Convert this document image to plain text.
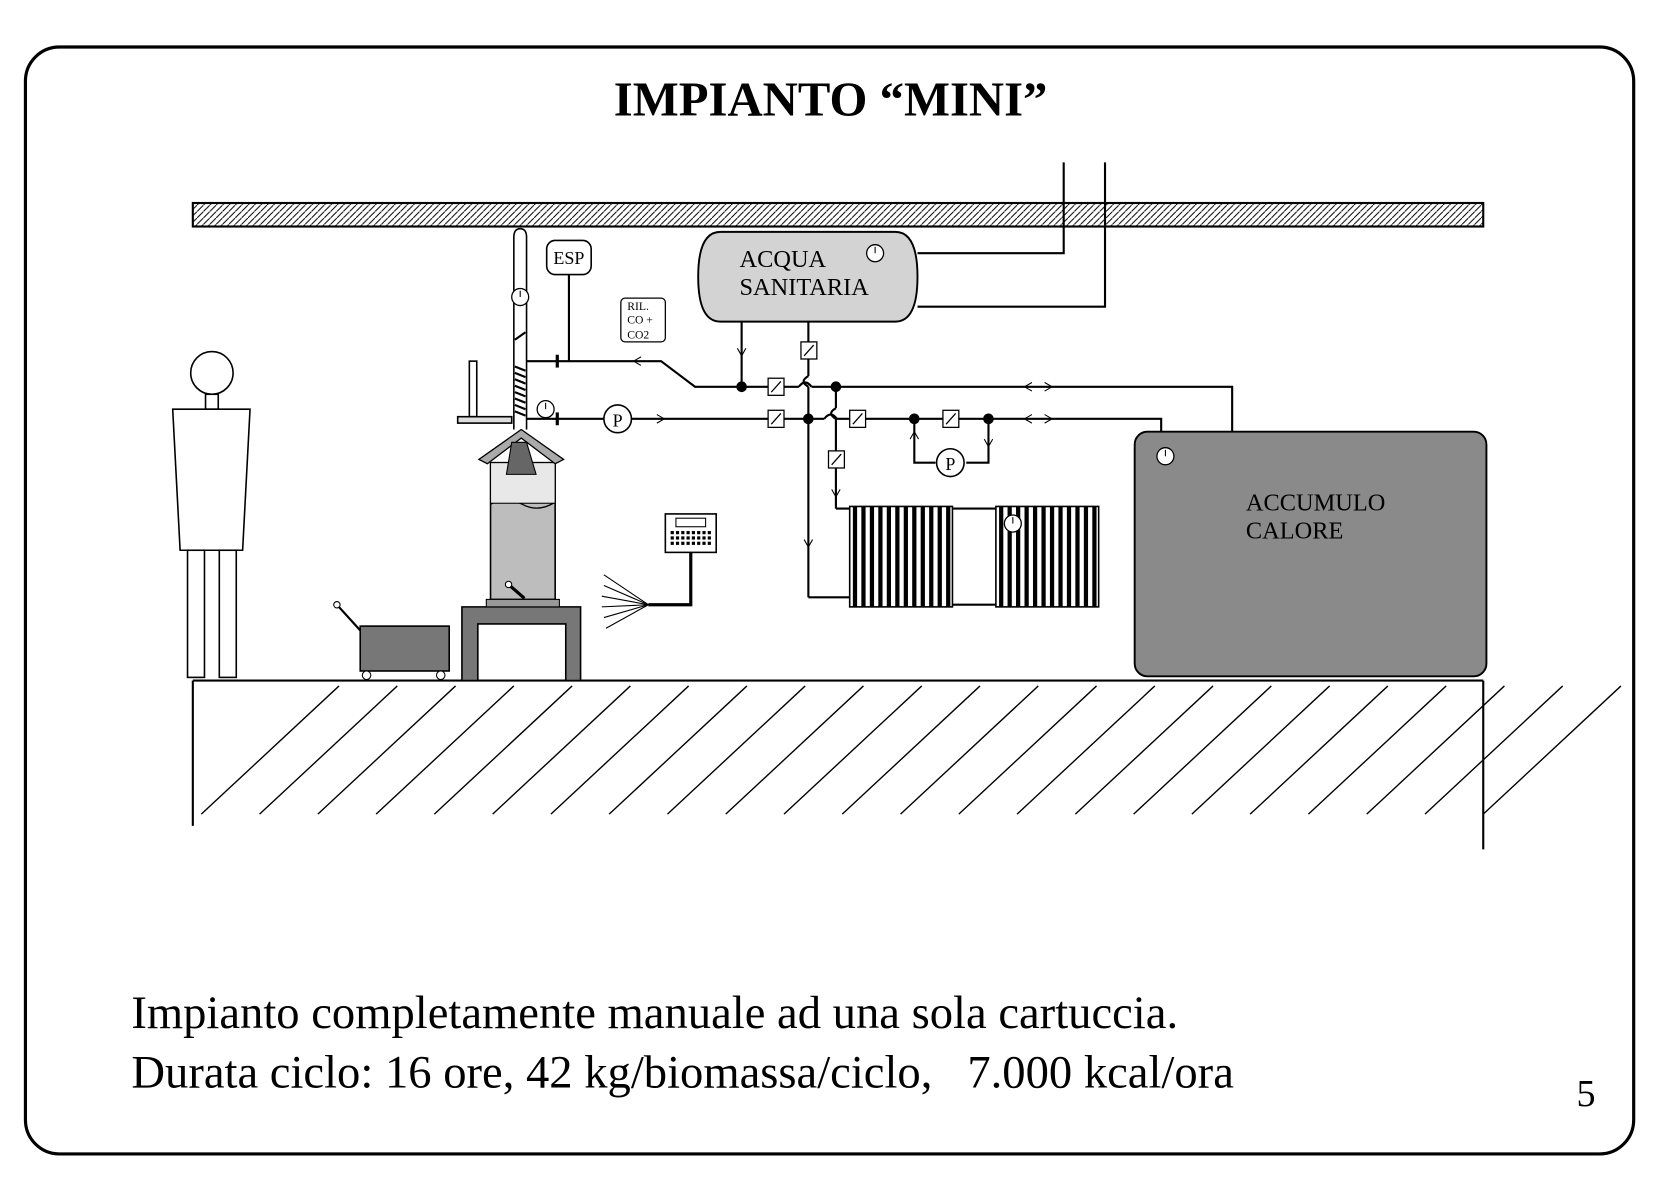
IMPIANTO “MINI”
ESP
RIL.
CO +
CO2
ACQUA
SANITARIA
ACCUMULO
CALORE
P
P
Impianto completamente manuale ad una sola cartuccia.
Durata ciclo: 16 ore, 42 kg/biomassa/ciclo,   7.000 kcal/ora	5
